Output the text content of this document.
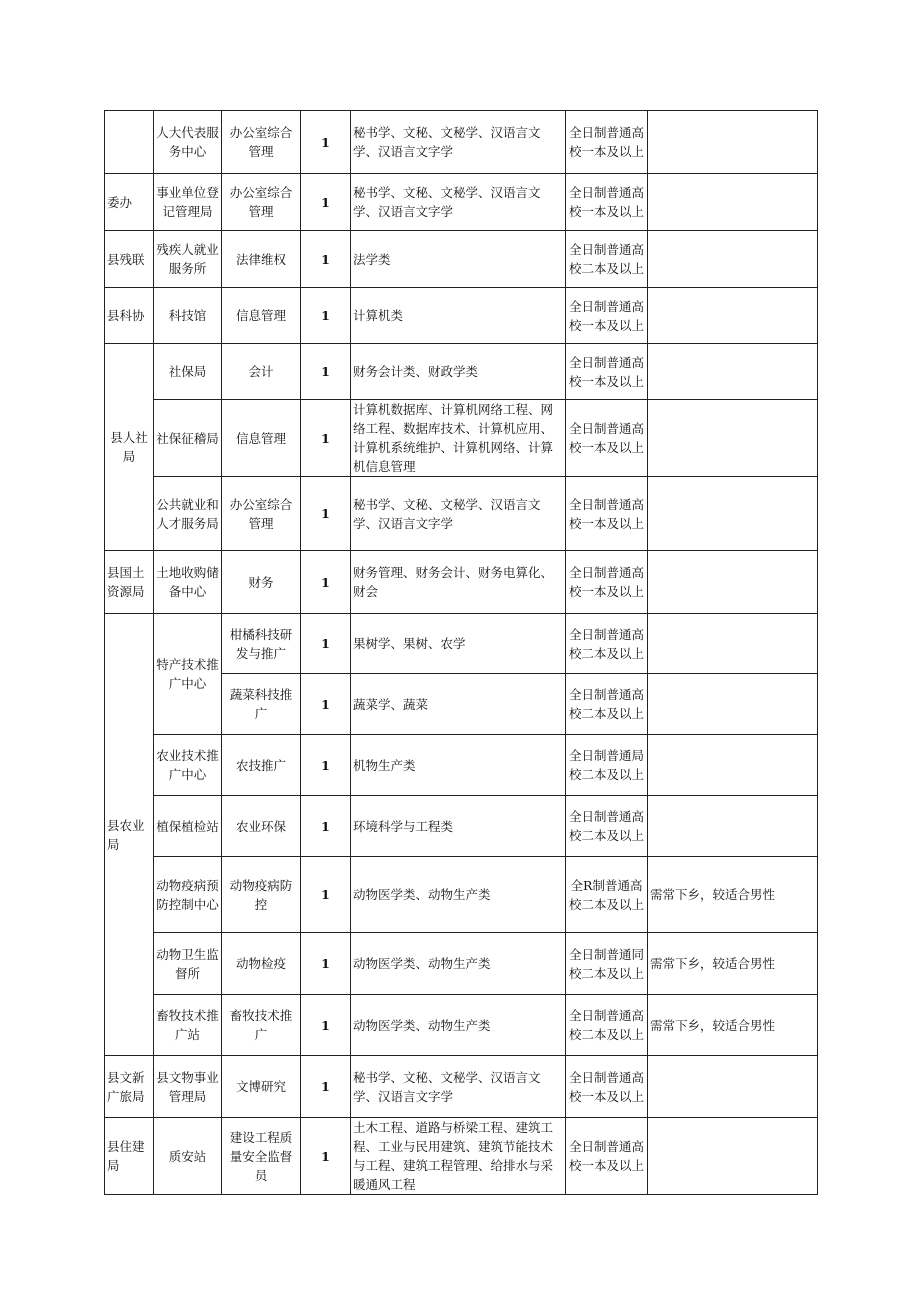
	人大代表服务中心	办公室综合管理	1	秘书学、文秘、文秘学、汉语言文学、汉语言文字学	全日制普通高校一本及以上	
委办	事业单位登记管理局	办公室综合管理	1	秘书学、文秘、文秘学、汉语言文学、汉语言文字学	全日制普通高校一本及以上	
县残联	残疾人就业服务所	法律维权	1	法学类	全日制普通高校二本及以上	
县科协	科技馆	信息管理	1	计算机类	全日制普通高校一本及以上	
县人社局	社保局	会计	1	财务会计类、财政学类	全日制普通高校一本及以上	
	社保征稽局	信息管理	1	计算机数据库、计算机网络工程、网络工程、数据库技术、计算机应用、计算机系统维护、计算机网络、计算机信息管理	全日制普通高校一本及以上	
	公共就业和人才服务局	办公室综合管理	1	秘书学、文秘、文秘学、汉语言文学、汉语言文字学	全日制普通高校一本及以上	
县国土资源局	土地收购储备中心	财务	1	财务管理、财务会计、财务电算化、财会	全日制普通高校一本及以上	
县农业局	特产技术推广中心	柑橘科技研发与推广	1	果树学、果树、农学	全日制普通高校二本及以上	
		蔬菜科技推广	1	蔬菜学、蔬菜	全日制普通高校二本及以上	
	农业技术推广中心	农技推广	1	机物生产类	全日制普通局校二本及以上	
	植保植检站	农业环保	1	环境科学与工程类	全日制普通高校二本及以上	
	动物疫病预防控制中心	动物疫病防控	1	动物医学类、动物生产类	全R制普通高校二本及以上	需常下乡，较适合男性
	动物卫生监督所	动物检疫	1	动物医学类、动物生产类	全日制普通同校二本及以上	需常下乡，较适合男性
	畜牧技术推广站	畜牧技术推广	1	动物医学类、动物生产类	全日制普通高校二本及以上	需常下乡，较适合男性
县文新广旅局	县文物事业管理局	文博研究	1	秘书学、文秘、文秘学、汉语言文学、汉语言文字学	全日制普通高校一本及以上	
县住建局	质安站	建设工程质量安全监督员	1	土木工程、道路与桥梁工程、建筑工程、工业与民用建筑、建筑节能技术与工程、建筑工程管理、给排水与采暖通风工程	全日制普通高校一本及以上	
